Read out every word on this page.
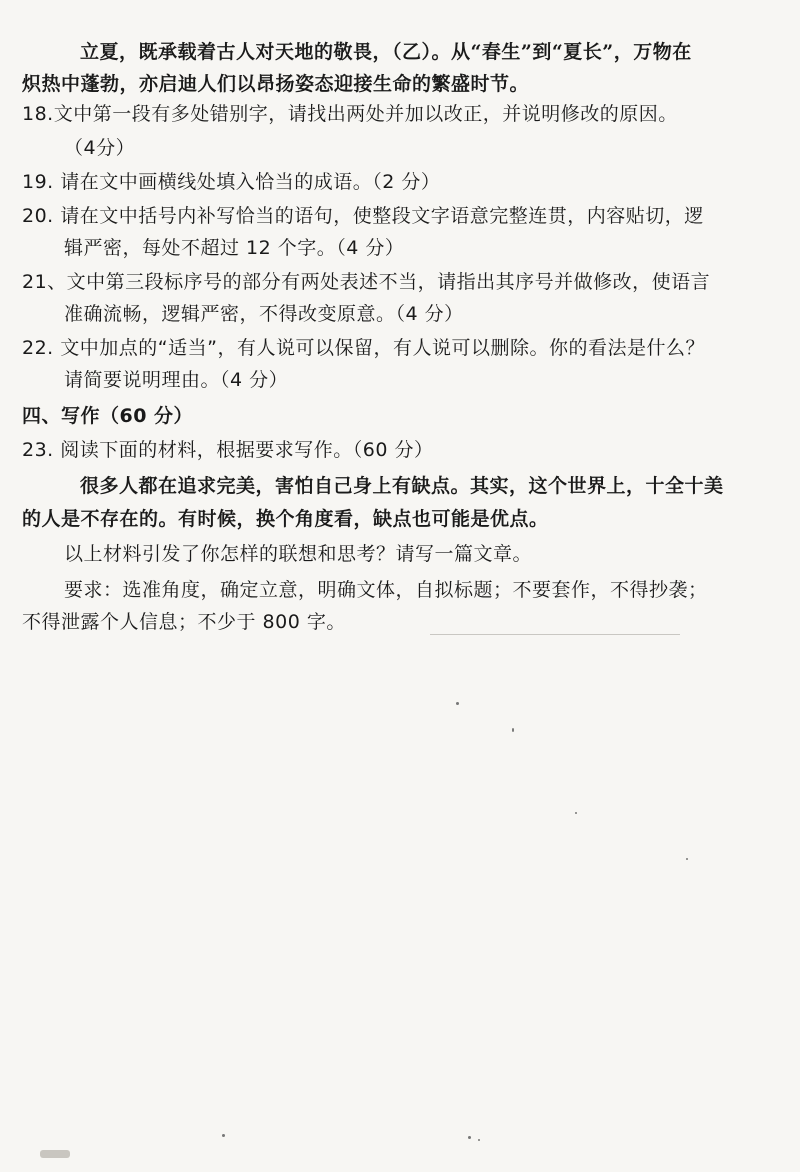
立夏，既承载着古人对天地的敬畏，（乙）。从“春生”到“夏长”，万物在
炽热中蓬勃，亦启迪人们以昂扬姿态迎接生命的繁盛时节。
18.文中第一段有多处错别字，请找出两处并加以改正，并说明修改的原因。
（4分）
19. 请在文中画横线处填入恰当的成语。（2 分）
20. 请在文中括号内补写恰当的语句，使整段文字语意完整连贯，内容贴切，逻
辑严密，每处不超过 12 个字。（4 分）
21、文中第三段标序号的部分有两处表述不当，请指出其序号并做修改，使语言
准确流畅，逻辑严密，不得改变原意。（4 分）
22. 文中加点的“适当”，有人说可以保留，有人说可以删除。你的看法是什么？
请简要说明理由。（4 分）
四、写作（60 分）
23. 阅读下面的材料，根据要求写作。（60 分）
很多人都在追求完美，害怕自己身上有缺点。其实，这个世界上，十全十美
的人是不存在的。有时候，换个角度看，缺点也可能是优点。
以上材料引发了你怎样的联想和思考？请写一篇文章。
要求：选准角度，确定立意，明确文体，自拟标题；不要套作，不得抄袭；
不得泄露个人信息；不少于 800 字。
